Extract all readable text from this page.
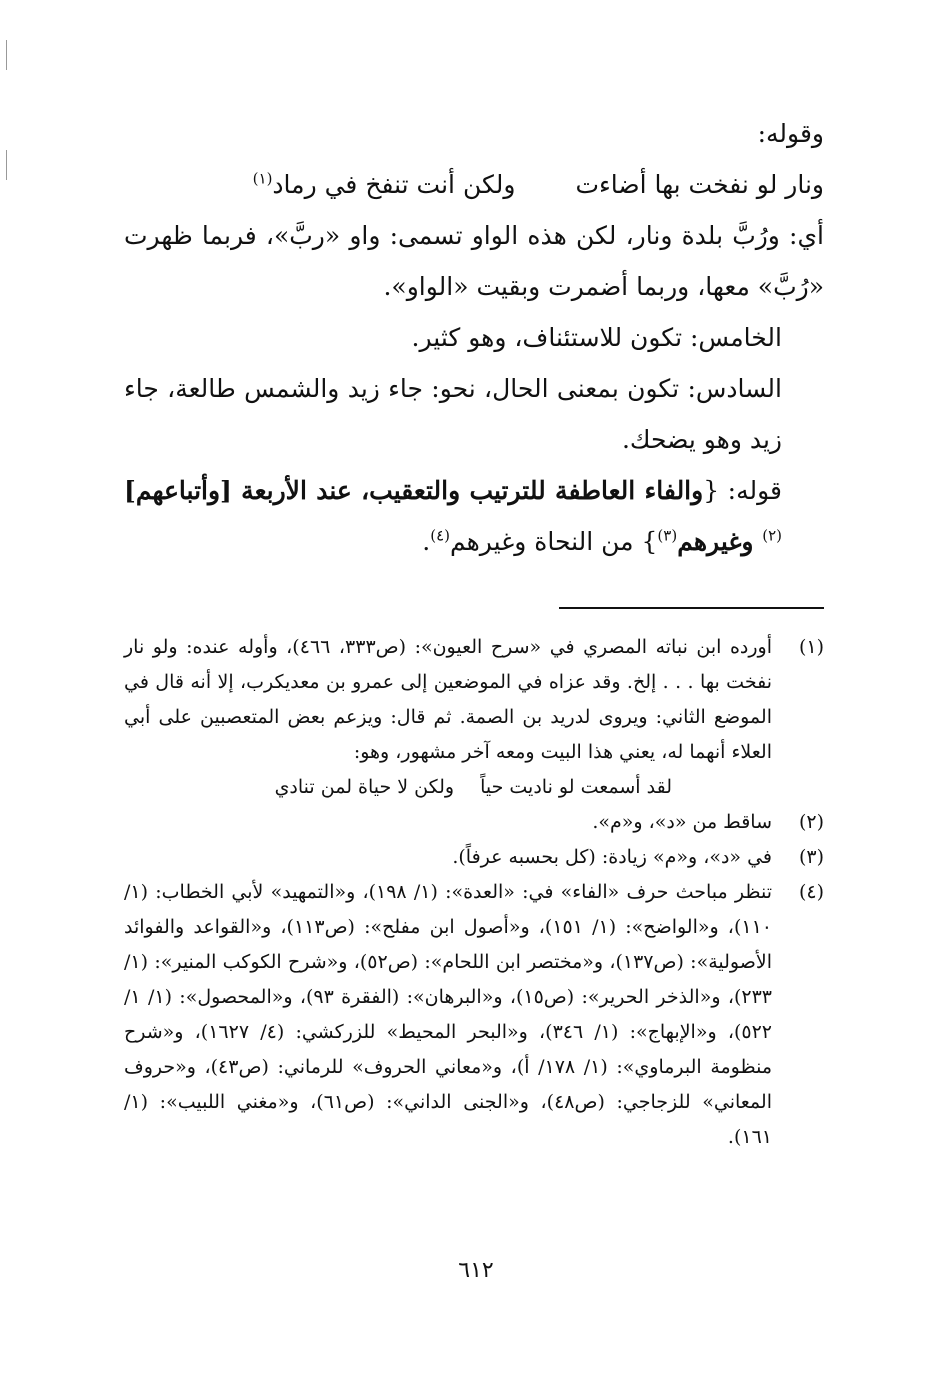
وقوله:

ونار لو نفخت بها أضاءت
ولكن أنت تنفخ في رماد$^{(١)}$

أي: ورُبَّ بلدة ونار، لكن هذه الواو تسمى: واو «ربَّ»، فربما ظهرت «رُبَّ» معها، وربما أضمرت وبقيت «الواو».

الخامس: تكون للاستئناف، وهو كثير.

السادس: تكون بمعنى الحال، نحو: جاء زيد والشمس طالعة، جاء زيد وهو يضحك.

قوله: {والفاء العاطفة للترتيب والتعقيب، عند الأربعة [وأتباعهم]$^{(٢)}$ وغيرهم$^{(٣)}$} من النحاة وغيرهم$^{(٤)}$.

(١)
أورده ابن نباته المصري في «سرح العيون»: (ص٣٣٣، ٤٦٦)، وأوله عنده: ولو نار نفخت بها . . . إلخ. وقد عزاه في الموضعين إلى عمرو بن معديكرب، إلا أنه قال في الموضع الثاني: ويروى لدريد بن الصمة. ثم قال: ويزعم بعض المتعصبين على أبي العلاء أنهما له، يعني هذا البيت ومعه آخر مشهور، وهو:
لقد أسمعت لو ناديت حياً
ولكن لا حياة لمن تنادي
(٢)
ساقط من «د»، و«م».
(٣)
في «د»، و«م» زيادة: (كل بحسبه عرفاً).
(٤)
تنظر مباحث حرف «الفاء» في: «العدة»: (١/ ١٩٨)، و«التمهيد» لأبي الخطاب: (١/ ١١٠)، و«الواضح»: (١/ ١٥١)، و«أصول ابن مفلح»: (ص١١٣)، و«القواعد والفوائد الأصولية»: (ص١٣٧)، و«مختصر ابن اللحام»: (ص٥٢)، و«شرح الكوكب المنير»: (١/ ٢٣٣)، و«الذخر الحرير»: (ص١٥)، و«البرهان»: (الفقرة ٩٣)، و«المحصول»: (١/ ١/ ٥٢٢)، و«الإبهاج»: (١/ ٣٤٦)، و«البحر المحيط» للزركشي: (٤/ ١٦٢٧)، و«شرح منظومة البرماوي»: (١/ ١٧٨/ أ)، و«معاني الحروف» للرماني: (ص٤٣)، و«حروف المعاني» للزجاجي: (ص٤٨)، و«الجنى الداني»: (ص٦١)، و«مغني اللبيب»: (١/ ١٦١).
٦١٢
